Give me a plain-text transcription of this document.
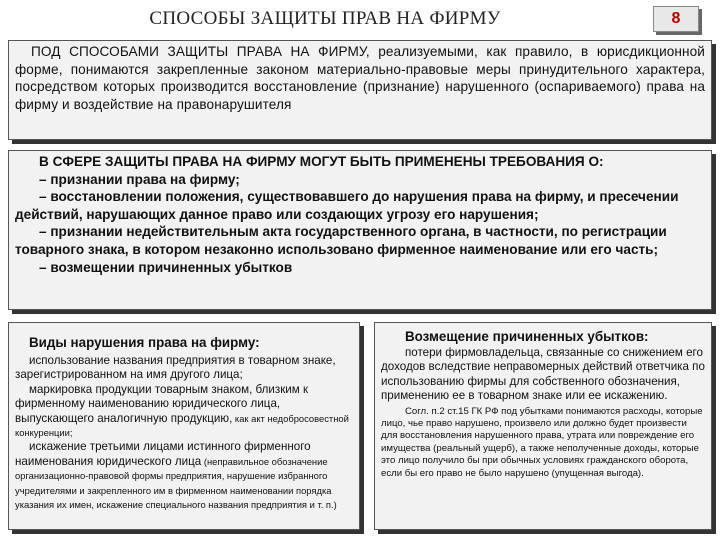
СПОСОБЫ ЗАЩИТЫ ПРАВ НА ФИРМУ	8

ПОД СПОСОБАМИ ЗАЩИТЫ ПРАВА НА ФИРМУ, реализуемыми, как правило, в юрисдикционной форме, понимаются закрепленные законом материально-правовые меры принудительного характера, посредством которых производится восстановление (признание) нарушенного (оспариваемого) права на фирму и воздействие на правонарушителя

В СФЕРЕ ЗАЩИТЫ ПРАВА НА ФИРМУ МОГУТ БЫТЬ ПРИМЕНЕНЫ ТРЕБОВАНИЯ О:
– признании права на фирму;
– восстановлении положения, существовавшего до нарушения права на фирму, и пресечении действий, нарушающих данное право или создающих угрозу его нарушения;
– признании недействительным акта государственного органа, в частности, по регистрации товарного знака, в котором незаконно использовано фирменное наименование или его часть;
– возмещении причиненных убытков
Виды нарушения права на фирму:
использование названия предприятия в товарном знаке, зарегистрированном на имя другого лица;
маркировка продукции товарным знаком, близким к фирменному наименованию юридического лица, выпускающего аналогичную продукцию, как акт недобросовестной конкуренции;
искажение третьими лицами истинного фирменного наименования юридического лица (неправильное обозначение организационно-правовой формы предприятия, нарушение избранного учредителями и закрепленного им в фирменном наименовании порядка указания их имен, искажение специального названия предприятия и т. п.)
Возмещение причиненных убытков:

потери фирмовладельца, связанные со снижением его доходов вследствие неправомерных действий ответчика по использованию фирмы для собственного обозначения, применению ее в товарном знаке или ее искажению.

Согл. п.2 ст.15 ГК РФ под убытками понимаются расходы, которые лицо, чье право нарушено, произвело или должно будет произвести для восстановления нарушенного права, утрата или повреждение его имущества (реальный ущерб), а также неполученные доходы, которые это лицо получило бы при обычных условиях гражданского оборота, если бы его право не было нарушено (упущенная выгода).
